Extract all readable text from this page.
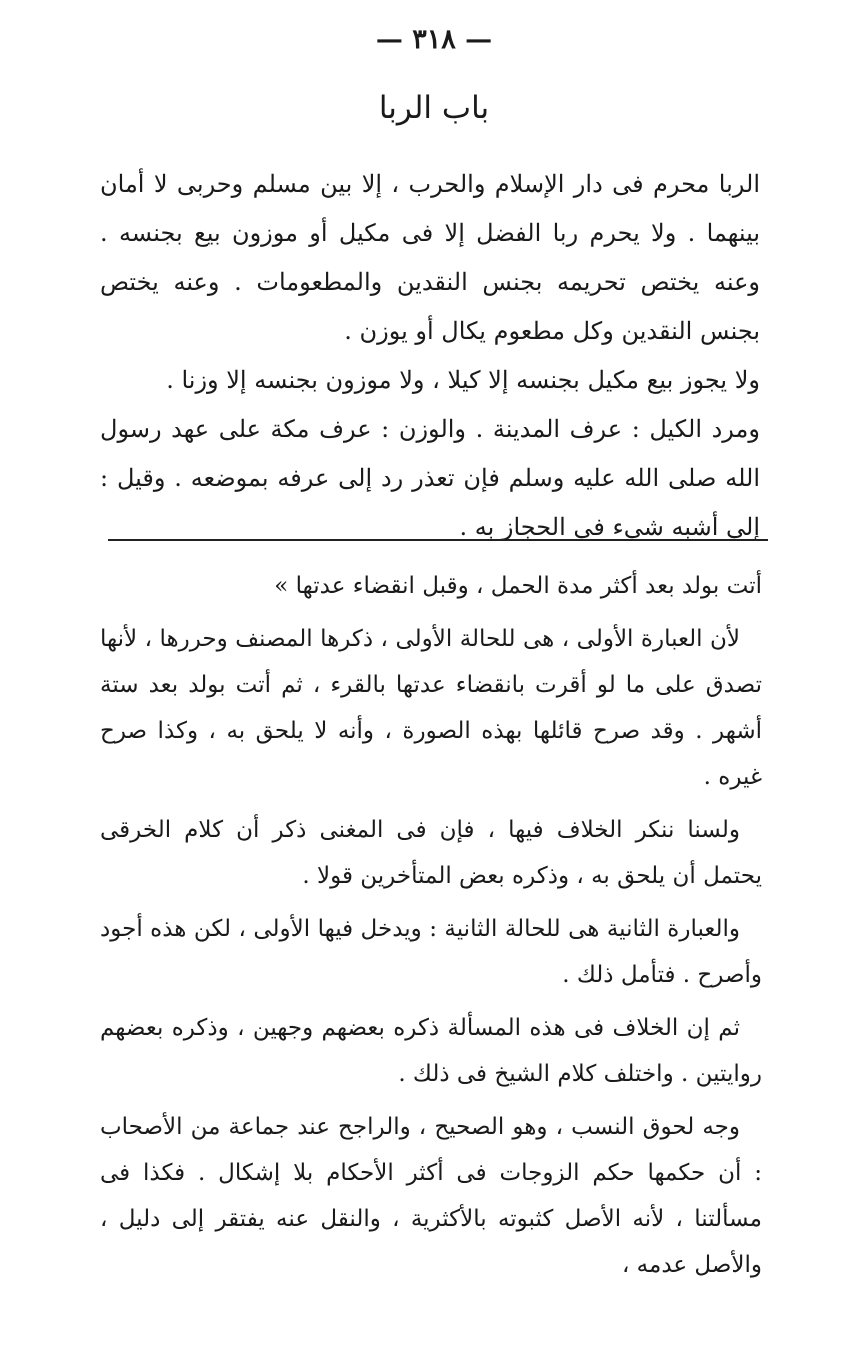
— ٣١٨ —
باب الربا

الربا محرم فى دار الإسلام والحرب ، إلا بين مسلم وحربى لا أمان بينهما . ولا يحرم ربا الفضل إلا فى مكيل أو موزون بيع بجنسه . وعنه يختص تحريمه بجنس النقدين والمطعومات . وعنه يختص بجنس النقدين وكل مطعوم يكال أو يوزن .

ولا يجوز بيع مكيل بجنسه إلا كيلا ، ولا موزون بجنسه إلا وزنا .

ومرد الكيل : عرف المدينة . والوزن : عرف مكة على عهد رسول الله صلى الله عليه وسلم فإن تعذر رد إلى عرفه بموضعه . وقيل : إلى أشبه شىء فى الحجاز به .

أتت بولد بعد أكثر مدة الحمل ، وقبل انقضاء عدتها »

لأن العبارة الأولى ، هى للحالة الأولى ، ذكرها المصنف وحررها ، لأنها تصدق على ما لو أقرت بانقضاء عدتها بالقرء ، ثم أتت بولد بعد ستة أشهر . وقد صرح قائلها بهذه الصورة ، وأنه لا يلحق به ، وكذا صرح غيره .

ولسنا ننكر الخلاف فيها ، فإن فى المغنى ذكر أن كلام الخرقى يحتمل أن يلحق به ، وذكره بعض المتأخرين قولا .

والعبارة الثانية هى للحالة الثانية : ويدخل فيها الأولى ، لكن هذه أجود وأصرح . فتأمل ذلك .

ثم إن الخلاف فى هذه المسألة ذكره بعضهم وجهين ، وذكره بعضهم روايتين . واختلف كلام الشيخ فى ذلك .

وجه لحوق النسب ، وهو الصحيح ، والراجح عند جماعة من الأصحاب : أن حكمها حكم الزوجات فى أكثر الأحكام بلا إشكال . فكذا فى مسألتنا ، لأنه الأصل كثبوته بالأكثرية ، والنقل عنه يفتقر إلى دليل ، والأصل عدمه ،
